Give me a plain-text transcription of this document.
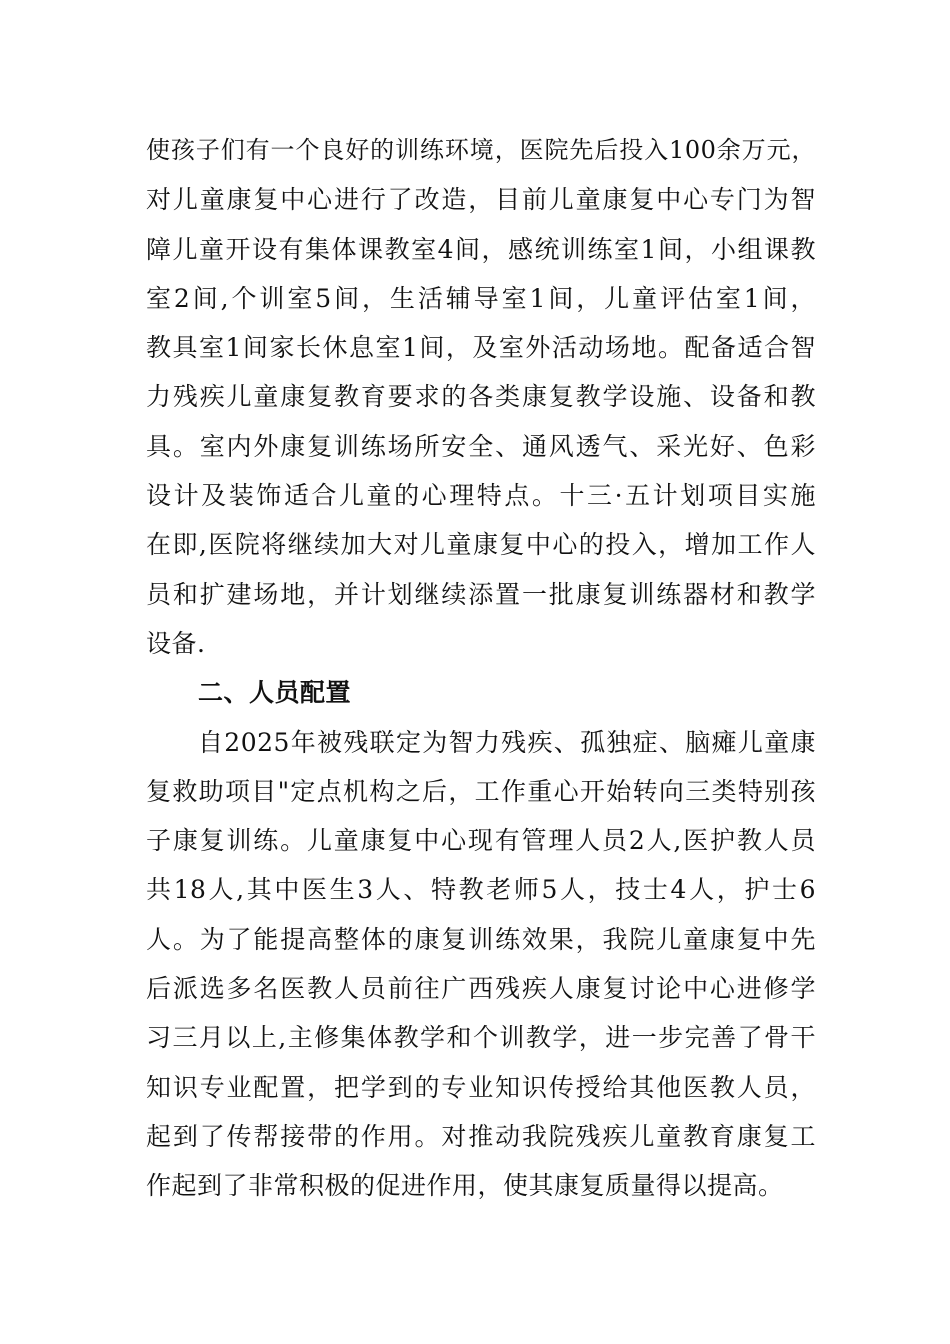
使孩子们有一个良好的训练环境，医院先后投入100余万元，
对儿童康复中心进行了改造，目前儿童康复中心专门为智
障儿童开设有集体课教室4间，感统训练室1间，小组课教
室2间,个训室5间，生活辅导室1间，儿童评估室1间，
教具室1间家长休息室1间，及室外活动场地。配备适合智
力残疾儿童康复教育要求的各类康复教学设施、设备和教
具。室内外康复训练场所安全、通风透气、采光好、色彩
设计及装饰适合儿童的心理特点。十三·五计划项目实施
在即,医院将继续加大对儿童康复中心的投入，增加工作人
员和扩建场地，并计划继续添置一批康复训练器材和教学
设备.
二、人员配置
自2025年被残联定为智力残疾、孤独症、脑瘫儿童康
复救助项目"定点机构之后，工作重心开始转向三类特别孩
子康复训练。儿童康复中心现有管理人员2人,医护教人员
共18人,其中医生3人、特教老师5人，技士4人，护士6
人。为了能提高整体的康复训练效果，我院儿童康复中先
后派选多名医教人员前往广西残疾人康复讨论中心进修学
习三月以上,主修集体教学和个训教学，进一步完善了骨干
知识专业配置，把学到的专业知识传授给其他医教人员，
起到了传帮接带的作用。对推动我院残疾儿童教育康复工
作起到了非常积极的促进作用，使其康复质量得以提高。
